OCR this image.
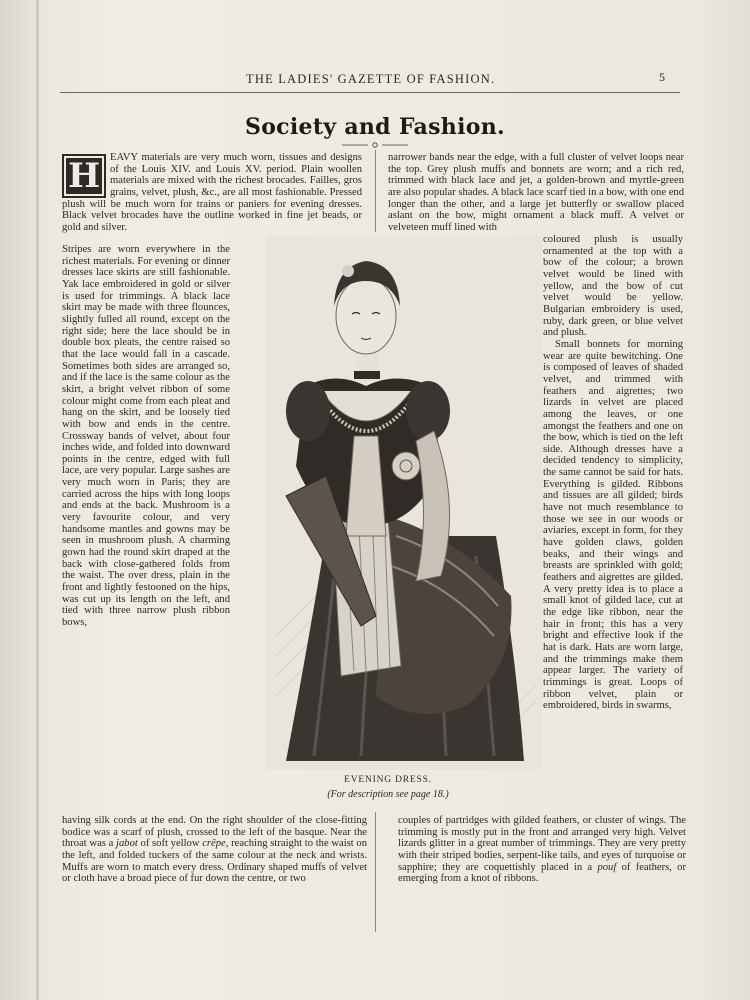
THE LADIES' GAZETTE OF FASHION.	5
Society and Fashion.
H EAVY materials are very much worn, tissues and designs of the Louis XIV. and Louis XV. period. Plain woollen materials are mixed with the richest brocades. Failles, gros grains, velvet, plush, &c., are all most fashionable. Pressed plush will be much worn for trains or paniers for evening dresses. Black velvet brocades have the outline worked in fine jet beads, or gold and silver.

Stripes are worn everywhere in the richest materials. For evening or dinner dresses lace skirts are still fashionable. Yak lace embroidered in gold or silver is used for trimmings. A black lace skirt may be made with three flounces, slightly fulled all round, except on the right side; here the lace should be in double box pleats, the centre raised so that the lace would fall in a cascade. Sometimes both sides are arranged so, and if the lace is the same colour as the skirt, a bright velvet ribbon of some colour might come from each pleat and hang on the skirt, and be loosely tied with bow and ends in the centre. Crossway bands of velvet, about four inches wide, and folded into downward points in the centre, edged with full lace, are very popular. Large sashes are very much worn in Paris; they are carried across the hips with long loops and ends at the back. Mushroom is a very favourite colour, and very handsome mantles and gowns may be seen in mushroom plush. A charming gown had the round skirt draped at the back with close-gathered folds from the waist. The over dress, plain in the front and lightly festooned on the hips, was cut up its length on the left, and tied with three narrow plush ribbon bows,

having silk cords at the end. On the right shoulder of the close-fitting bodice was a scarf of plush, crossed to the left of the basque. Near the throat was a jabot of soft yellow crêpe, reaching straight to the waist on the left, and folded tuckers of the same colour at the neck and wrists. Muffs are worn to match every dress. Ordinary shaped muffs of velvet or cloth have a broad piece of fur down the centre, or two

narrower bands near the edge, with a full cluster of velvet loops near the top. Grey plush muffs and bonnets are worn; and a rich red, trimmed with black lace and jet, a golden-brown and myrtle-green are also popular shades. A black lace scarf tied in a bow, with one end longer than the other, and a large jet butterfly or swallow placed aslant on the bow, might ornament a black muff. A velvet or velveteen muff lined with

coloured plush is usually ornamented at the top with a bow of the colour; a brown velvet would be lined with yellow, and the bow of cut velvet would be yellow. Bulgarian embroidery is used, ruby, dark green, or blue velvet and plush.

Small bonnets for morning wear are quite bewitching. One is composed of leaves of shaded velvet, and trimmed with feathers and aigrettes; two lizards in velvet are placed among the leaves, or one amongst the feathers and one on the bow, which is tied on the left side. Although dresses have a decided tendency to simplicity, the same cannot be said for hats. Everything is gilded. Ribbons and tissues are all gilded; birds have not much resemblance to those we see in our woods or aviaries, except in form, for they have golden claws, golden beaks, and their wings and breasts are sprinkled with gold; feathers and aigrettes are gilded. A very pretty idea is to place a small knot of gilded lace, cut at the edge like ribbon, near the hair in front; this has a very bright and effective look if the hat is dark. Hats are worn large, and the trimmings make them appear larger. The variety of trimmings is great. Loops of ribbon velvet, plain or embroidered, birds in swarms,

couples of partridges with gilded feathers, or cluster of wings. The trimming is mostly put in the front and arranged very high. Velvet lizards glitter in a great number of trimmings. They are very pretty with their striped bodies, serpent-like tails, and eyes of turquoise or sapphire; they are coquettishly placed in a pouf of feathers, or emerging from a knot of ribbons.

EVENING DRESS.
(For description see page 18.)
